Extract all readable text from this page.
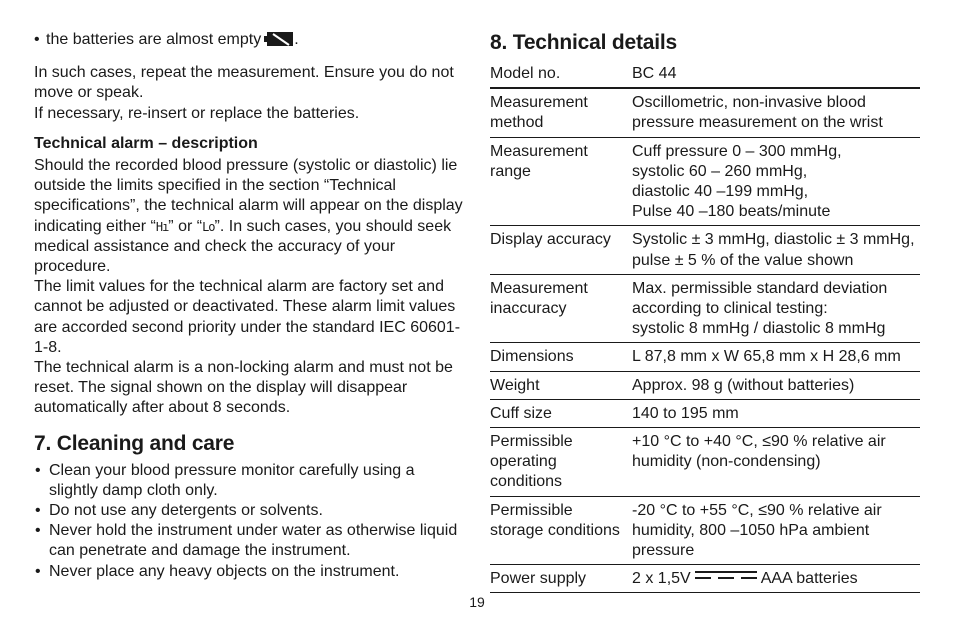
• the batteries are almost empty .

In such cases, repeat the measurement. Ensure you do not move or speak.

If necessary, re-insert or replace the batteries.

Technical alarm – description

Should the recorded blood pressure (systolic or diastolic) lie outside the limits specified in the section “Technical specifications”, the technical alarm will appear on the display indicating either “Hı” or “Lo”. In such cases, you should seek medical assistance and check the accuracy of your procedure.

The limit values for the technical alarm are factory set and cannot be adjusted or deactivated. These alarm limit values are accorded second priority under the standard IEC 60601-1-8.

The technical alarm is a non-locking alarm and must not be reset. The signal shown on the display will disappear automatically after about 8 seconds.

7. Cleaning and care
• Clean your blood pressure monitor carefully using a slightly damp cloth only.
• Do not use any detergents or solvents.
• Never hold the instrument under water as otherwise liquid can penetrate and damage the instrument.
• Never place any heavy objects on the instrument.
8. Technical details
Model no.	BC 44
Measurement method	Oscillometric, non-invasive blood pressure measurement on the wrist
Measurement range	Cuff pressure 0 – 300 mmHg,
systolic 60 – 260 mmHg,
diastolic 40 –199 mmHg,
Pulse 40 –180 beats/minute

Display accuracy	Systolic ± 3 mmHg, diastolic ± 3 mmHg, pulse ± 5 % of the value shown
Measurement inaccuracy	Max. permissible standard deviation
according to clinical testing:
systolic 8 mmHg / diastolic 8 mmHg

Dimensions	L 87,8 mm x W 65,8 mm x H 28,6 mm
Weight	Approx. 98 g (without batteries)
Cuff size	140 to 195 mm
Permissible operating conditions	+10 °C to +40 °C, ≤90 % relative air humidity (non-condensing)
Permissible storage conditions	-20 °C to +55 °C, ≤90 % relative air humidity, 800 –1050 hPa ambient pressure
Power supply	2 x 1,5V AAA batteries
19
